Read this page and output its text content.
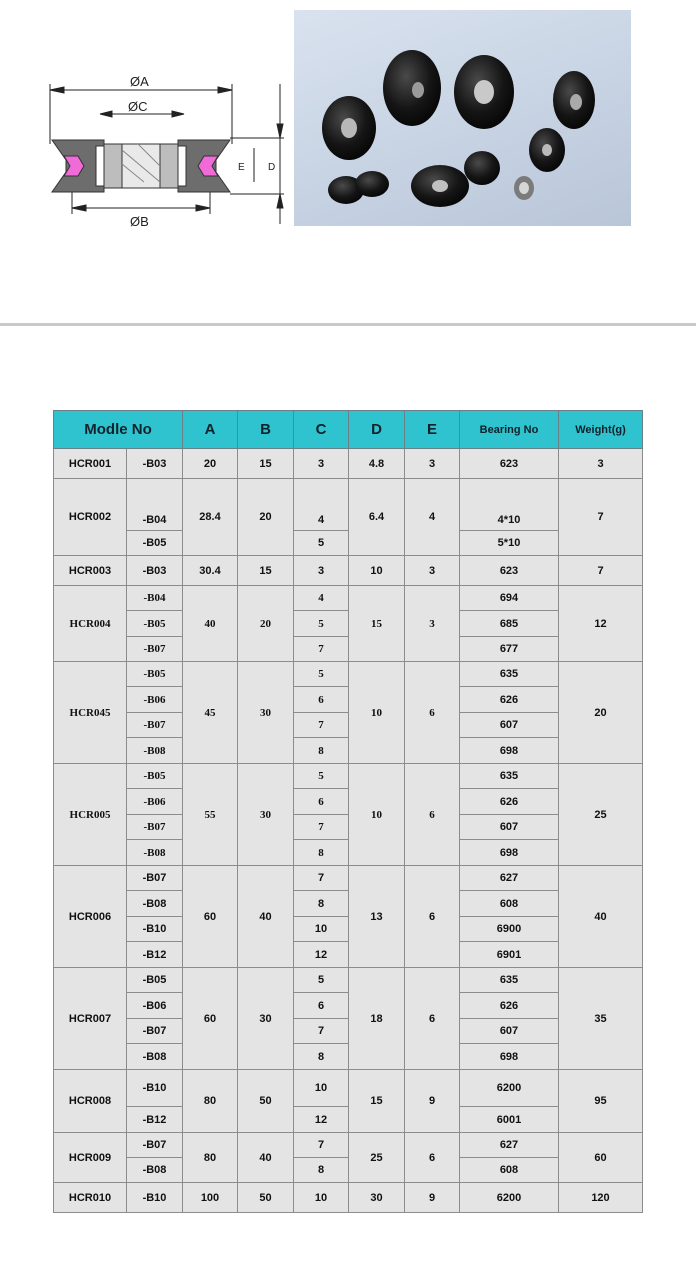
ØA
ØC
ØB
D
E
Modle No		A	B	C	D	E	Bearing No	Weight(g)
HCR001	-B03	20	15	3	4.8	3	623	3
HCR002	-B04	28.4	20	4	6.4	4	4*10	7
	-B05			5			5*10	
HCR003	-B03	30.4	15	3	10	3	623	7
HCR004	-B04	40	20	4	15	3	694	12
	-B05			5			685	
	-B07			7			677	
HCR045	-B05	45	30	5	10	6	635	20
	-B06			6			626	
	-B07			7			607	
	-B08			8			698	
HCR005	-B05	55	30	5	10	6	635	25
	-B06			6			626	
	-B07			7			607	
	-B08			8			698	
HCR006	-B07	60	40	7	13	6	627	40
	-B08			8			608	
	-B10			10			6900	
	-B12			12			6901	
HCR007	-B05	60	30	5	18	6	635	35
	-B06			6			626	
	-B07			7			607	
	-B08			8			698	
HCR008	-B10	80	50	10	15	9	6200	95
	-B12			12			6001	
HCR009	-B07	80	40	7	25	6	627	60
	-B08			8			608	
HCR010	-B10	100	50	10	30	9	6200	120
